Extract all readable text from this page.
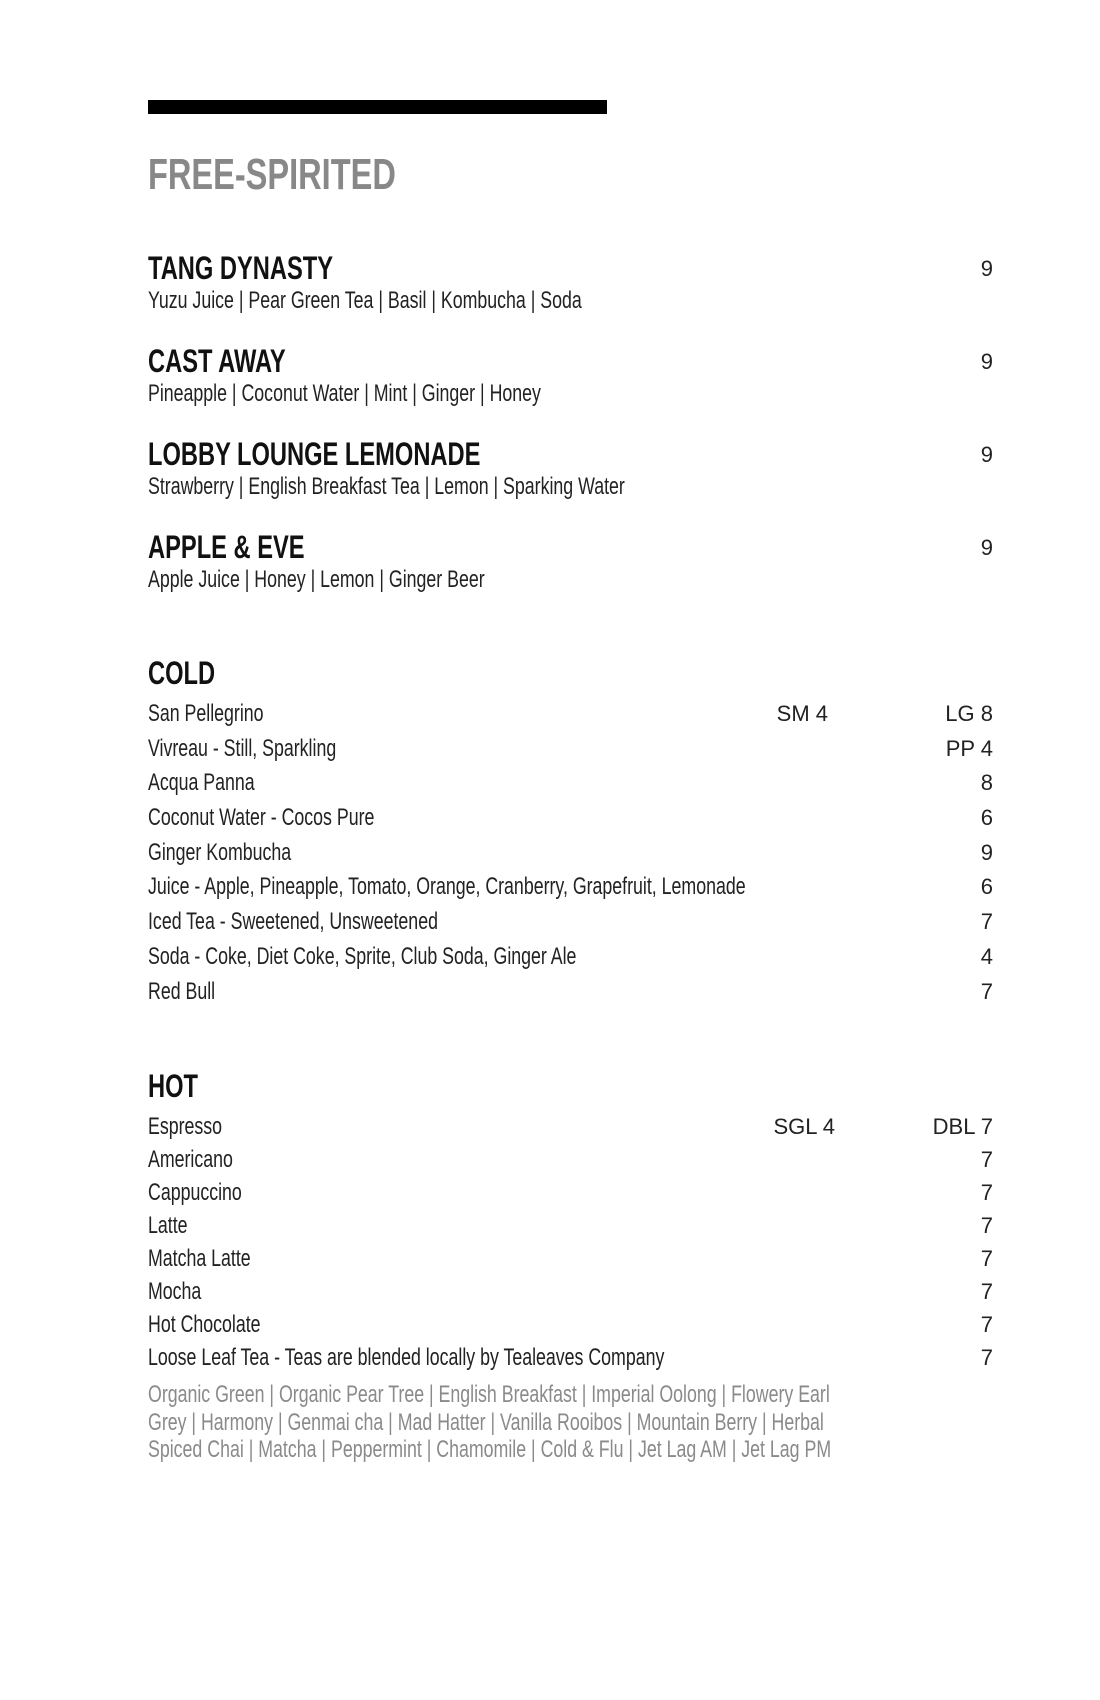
FREE-SPIRITED
TANG DYNASTY
Yuzu Juice | Pear Green Tea | Basil | Kombucha | Soda
9
CAST AWAY
Pineapple | Coconut Water | Mint | Ginger | Honey
9
LOBBY LOUNGE LEMONADE
Strawberry | English Breakfast Tea | Lemon | Sparking Water
9
APPLE & EVE
Apple Juice | Honey | Lemon | Ginger Beer
9
COLD
San Pellegrino	SM 4	LG 8
Vivreau - Still, Sparkling	PP 4
Acqua Panna	8
Coconut Water - Cocos Pure	6
Ginger Kombucha	9
Juice - Apple, Pineapple, Tomato, Orange, Cranberry, Grapefruit, Lemonade	6
Iced Tea - Sweetened, Unsweetened	7
Soda - Coke, Diet Coke, Sprite, Club Soda, Ginger Ale	4
Red Bull	7
HOT
Espresso	SGL 4	DBL 7
Americano	7
Cappuccino	7
Latte	7
Matcha Latte	7
Mocha	7
Hot Chocolate	7
Loose Leaf Tea - Teas are blended locally by Tealeaves Company	7
Organic Green | Organic Pear Tree | English Breakfast | Imperial Oolong | Flowery Earl
Grey | Harmony | Genmai cha | Mad Hatter | Vanilla Rooibos | Mountain Berry | Herbal
Spiced Chai | Matcha | Peppermint | Chamomile | Cold & Flu | Jet Lag AM | Jet Lag PM
